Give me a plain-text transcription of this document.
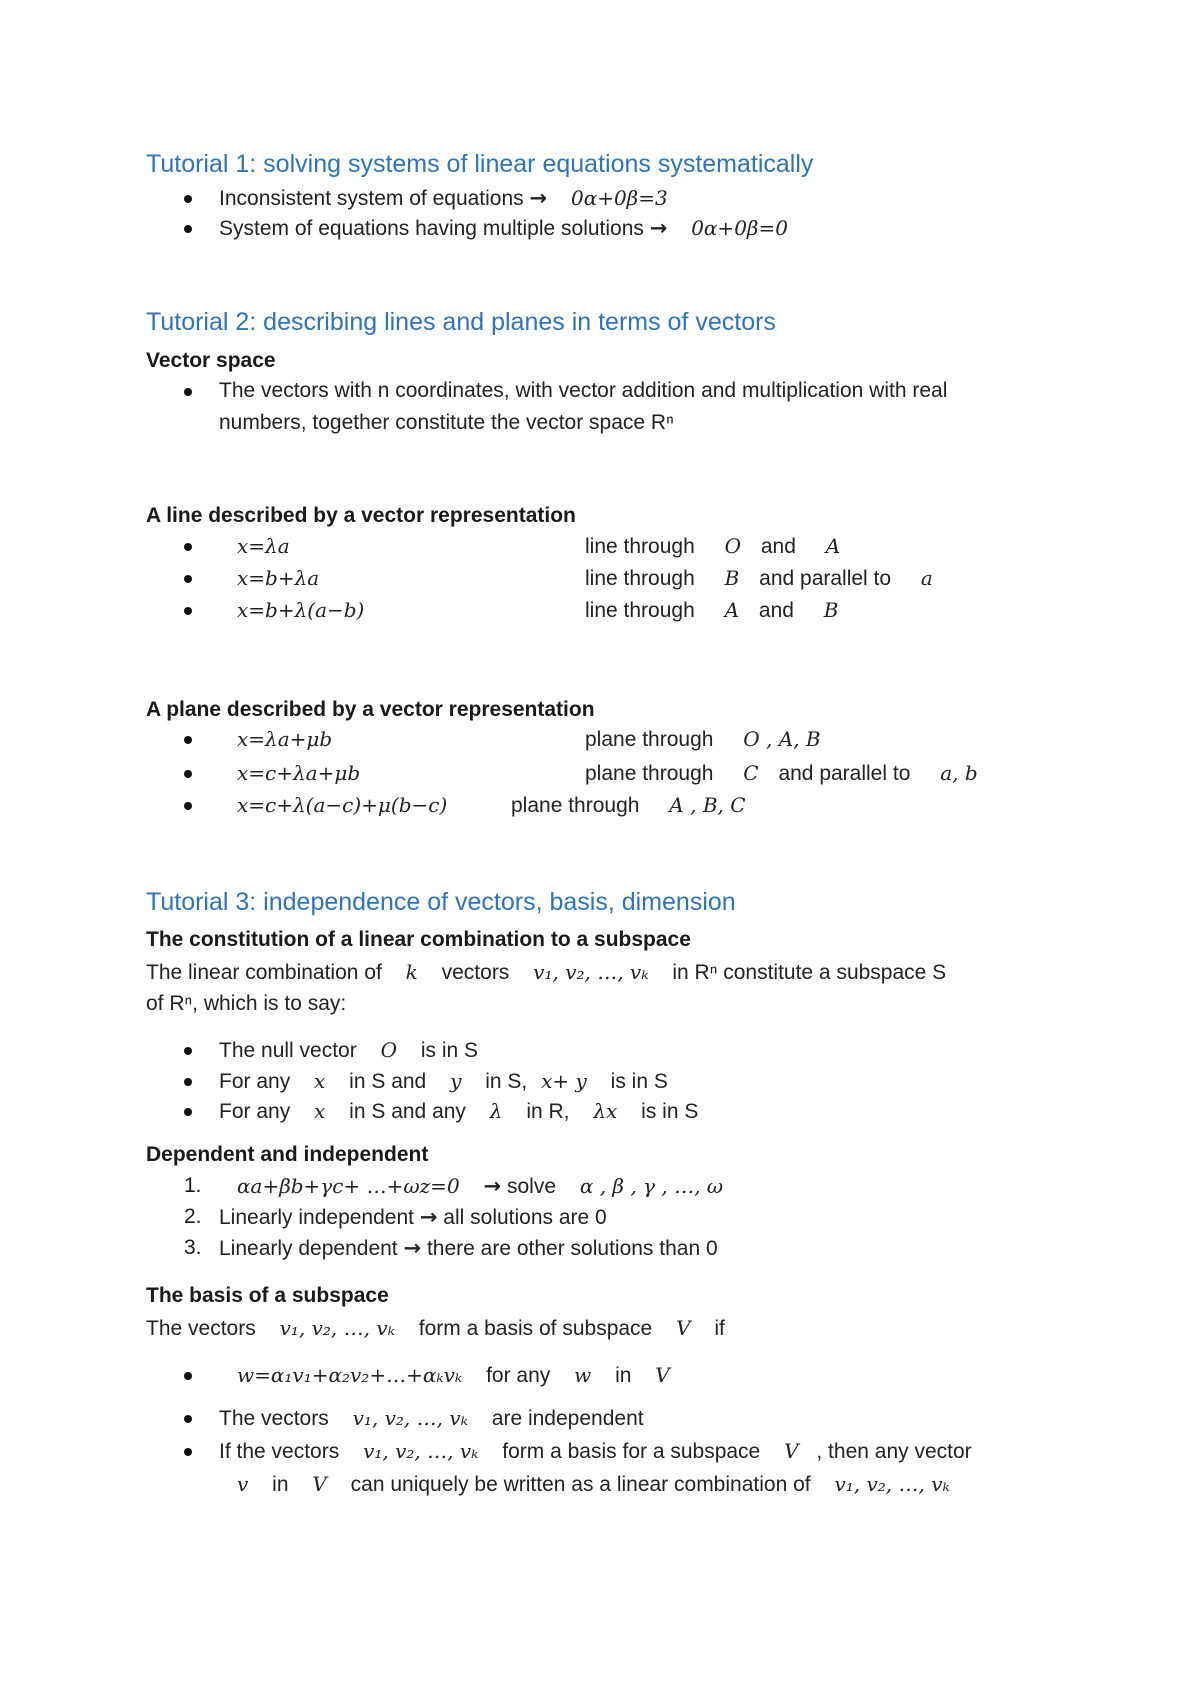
Tutorial 1: solving systems of linear equations systematically
Inconsistent system of equations → 0α+0β=3
System of equations having multiple solutions → 0α+0β=0
Tutorial 2: describing lines and planes in terms of vectors
Vector space
The vectors with n coordinates, with vector addition and multiplication with real
numbers, together constitute the vector space Rⁿ
A line described by a vector representation
x=λa	line through O and A
x=b+λa	line through B and parallel to a
x=b+λ(a−b)	line through A and B
A plane described by a vector representation
x=λa+μb	plane through O , A, B
x=c+λa+μb	plane through C and parallel to a, b
x=c+λ(a−c)+μ(b−c)	plane through A , B, C
Tutorial 3: independence of vectors, basis, dimension
The constitution of a linear combination to a subspace
The linear combination of k vectors v₁, v₂, …, vₖ in Rⁿ constitute a subspace S
of Rⁿ, which is to say:
The null vector O is in S
For any x in S and y in S, x+ y is in S
For any x in S and any λ in R, λx is in S
Dependent and independent
1. αa+βb+γc+ …+ωz=0 → solve α , β , γ , …, ω
2. Linearly independent → all solutions are 0
3. Linearly dependent → there are other solutions than 0
The basis of a subspace
The vectors v₁, v₂, …, vₖ form a basis of subspace V if
w=α₁v₁+α₂v₂+…+αₖvₖ for any w in V
The vectors v₁, v₂, …, vₖ are independent
If the vectors v₁, v₂, …, vₖ form a basis for a subspace V , then any vector
v in V can uniquely be written as a linear combination of v₁, v₂, …, vₖ
